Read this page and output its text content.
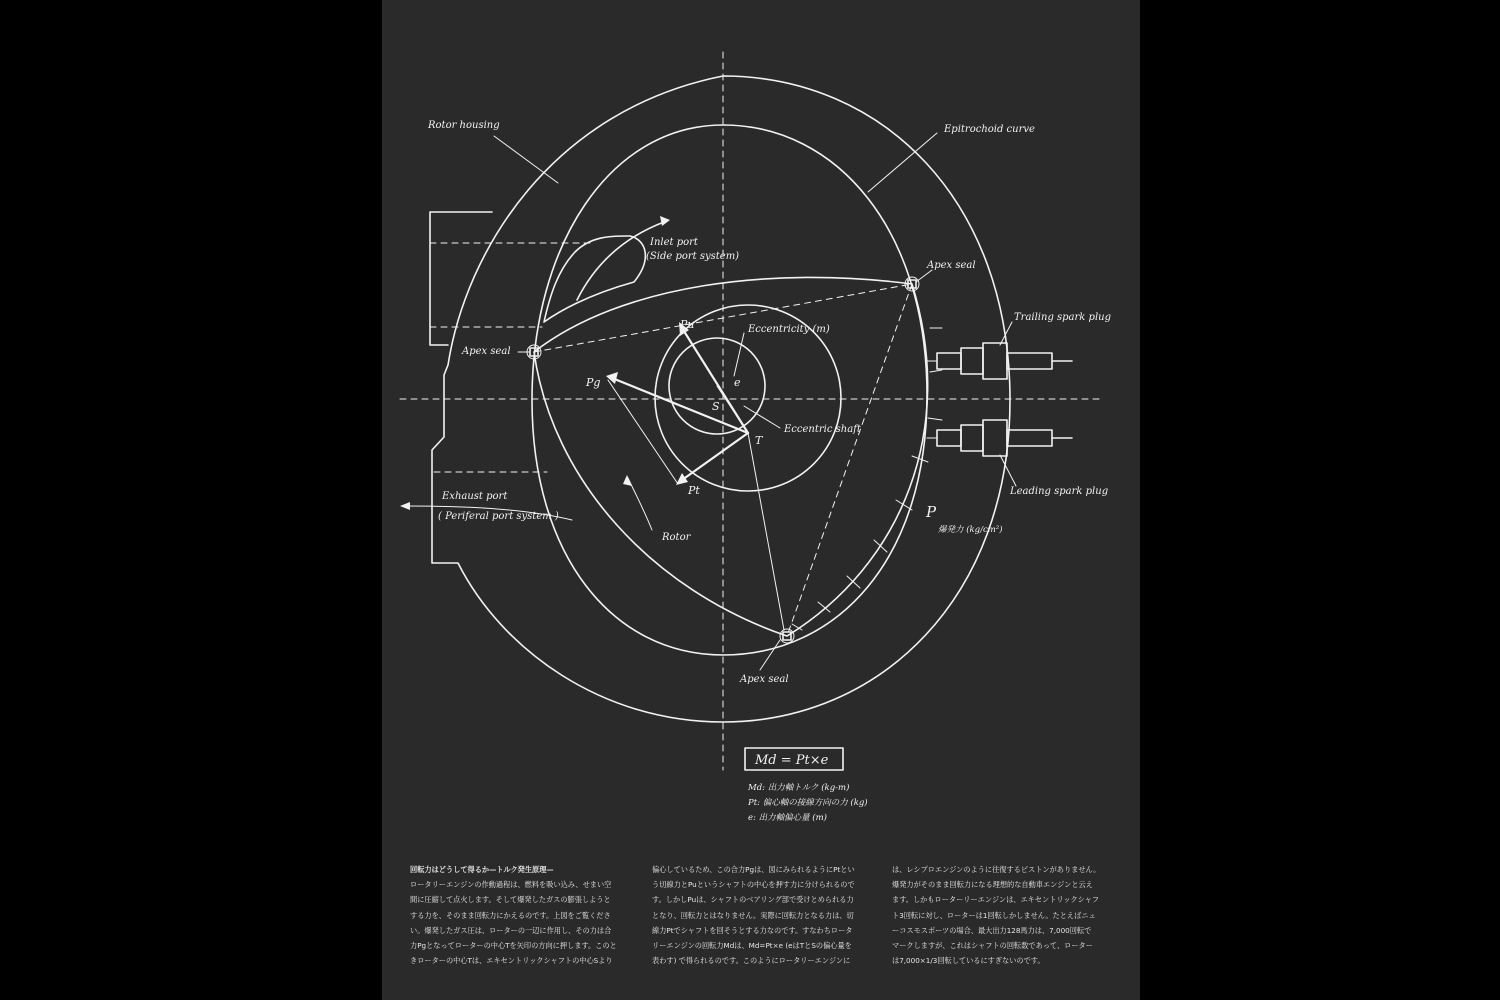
Rotor housing	Epitrochoid curve
Inlet port
(Side port system)
Apex seal
Apex seal
Apex seal
Trailing spark plug
Leading spark plug
Eccentricity (m)
Eccentric shaft
Exhaust port
( Periferal port system )
Rotor
P
爆発力 (kg/cm²)
Pu
Pg
Pt
e
S
T
Md = Pt×e
Md: 出力軸トルク (kg-m)
Pt: 偏心軸の接線方向の力 (kg)
e: 出力軸偏心量 (m)
回転力はどうして得るか—トルク発生原理—
ロータリーエンジンの作動過程は、燃料を吸い込み、せまい空
間に圧縮して点火します。そして爆発したガスの膨張しようと
する力を、そのまま回転力にかえるのです。上図をご覧くださ
い。爆発したガス圧は、ローターの一辺に作用し、その力は合
力Pgとなってローターの中心Tを矢印の方向に押します。このと
きローターの中心Tは、エキセントリックシャフトの中心Sより
偏心しているため、この合力Pgは、図にみられるようにPtとい
う切線力とPuというシャフトの中心を押す力に分けられるので
す。しかしPuは、シャフトのベアリング部で受けとめられる力
となり、回転力とはなりません。実際に回転力となる力は、切
線力Ptでシャフトを回そうとする力なのです。すなわちロータ
リーエンジンの回転力Mdは、Md=Pt×e (eはTとSの偏心量を
表わす) で得られるのです。このようにロータリーエンジンに
は、レシプロエンジンのように往復するピストンがありません。
爆発力がそのまま回転力になる理想的な自動車エンジンと云え
ます。しかもローターリーエンジンは、エキセントリックシャフ
ト3回転に対し、ローターは1回転しかしません。たとえばニュ
ーコスモスポーツの場合、最大出力128馬力は、7,000回転で
マークしますが、これはシャフトの回転数であって、ローター
は7,000×1/3回転しているにすぎないのです。
